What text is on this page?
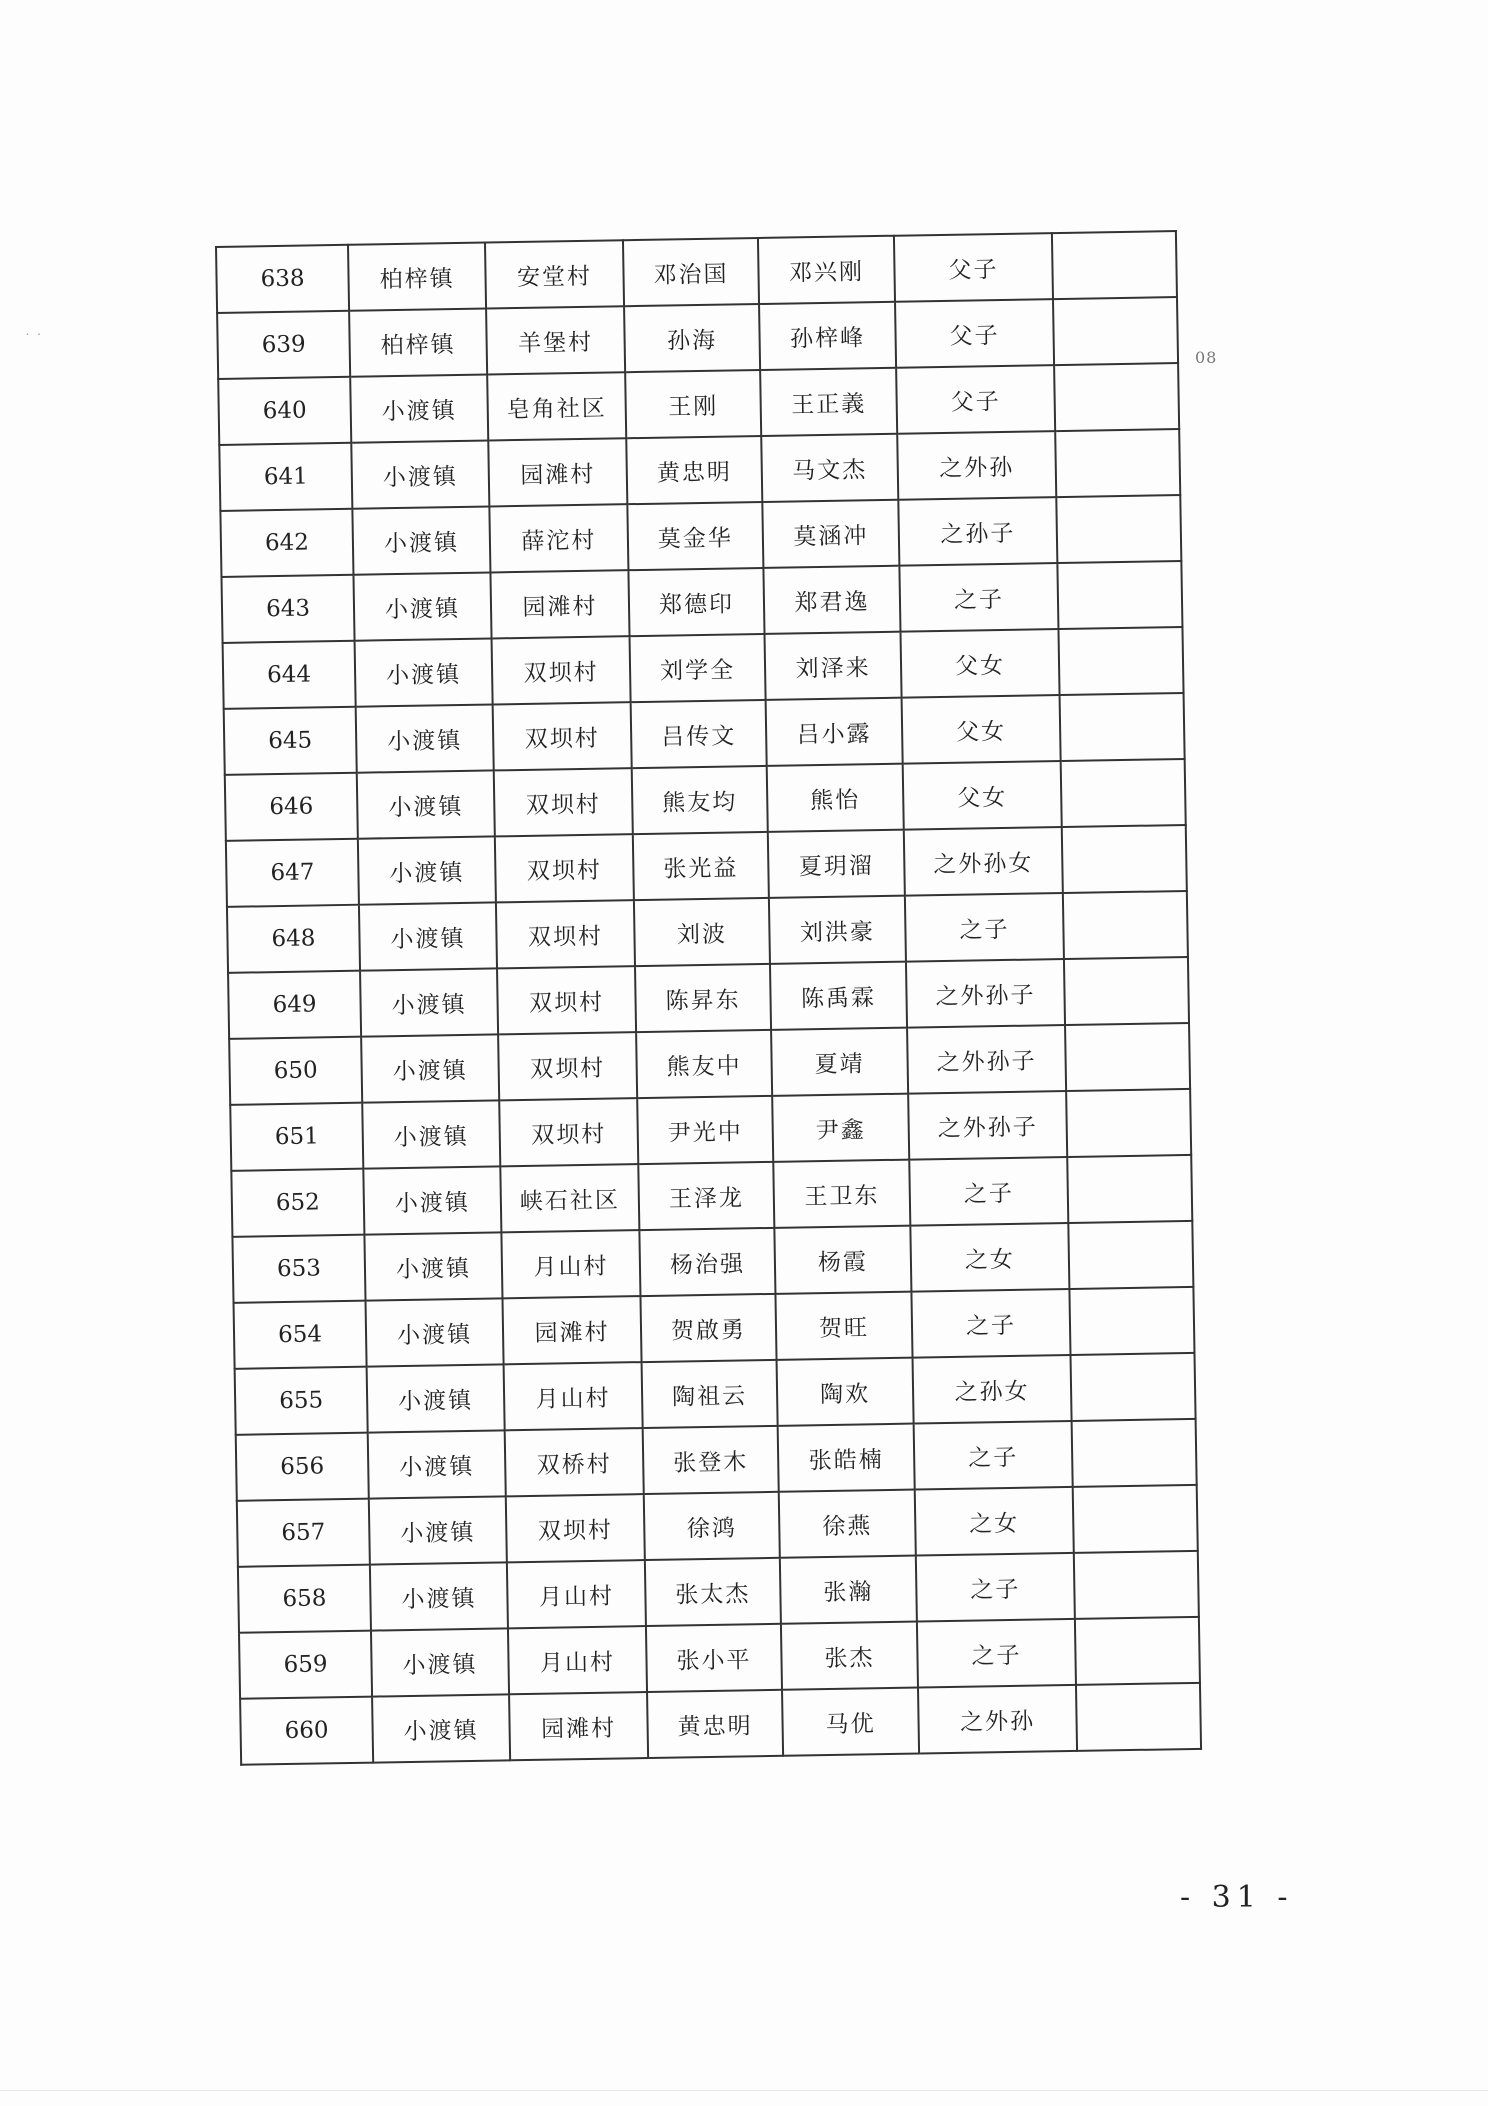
˙ ˙
638	柏梓镇	安堂村	邓治国	邓兴刚	父子	
639	柏梓镇	羊堡村	孙海	孙梓峰	父子	
640	小渡镇	皂角社区	王刚	王正義	父子	
641	小渡镇	园滩村	黄忠明	马文杰	之外孙	
642	小渡镇	薛沱村	莫金华	莫涵冲	之孙子	
643	小渡镇	园滩村	郑德印	郑君逸	之子	
644	小渡镇	双坝村	刘学全	刘泽来	父女	
645	小渡镇	双坝村	吕传文	吕小露	父女	
646	小渡镇	双坝村	熊友均	熊怡	父女	
647	小渡镇	双坝村	张光益	夏玥溜	之外孙女	
648	小渡镇	双坝村	刘波	刘洪豪	之子	
649	小渡镇	双坝村	陈昇东	陈禹霖	之外孙子	
650	小渡镇	双坝村	熊友中	夏靖	之外孙子	
651	小渡镇	双坝村	尹光中	尹鑫	之外孙子	
652	小渡镇	峡石社区	王泽龙	王卫东	之子	
653	小渡镇	月山村	杨治强	杨霞	之女	
654	小渡镇	园滩村	贺啟勇	贺旺	之子	
655	小渡镇	月山村	陶祖云	陶欢	之孙女	
656	小渡镇	双桥村	张登木	张皓楠	之子	
657	小渡镇	双坝村	徐鸿	徐燕	之女	
658	小渡镇	月山村	张太杰	张瀚	之子	
659	小渡镇	月山村	张小平	张杰	之子	
660	小渡镇	园滩村	黄忠明	马优	之外孙	
08
- 31 -
